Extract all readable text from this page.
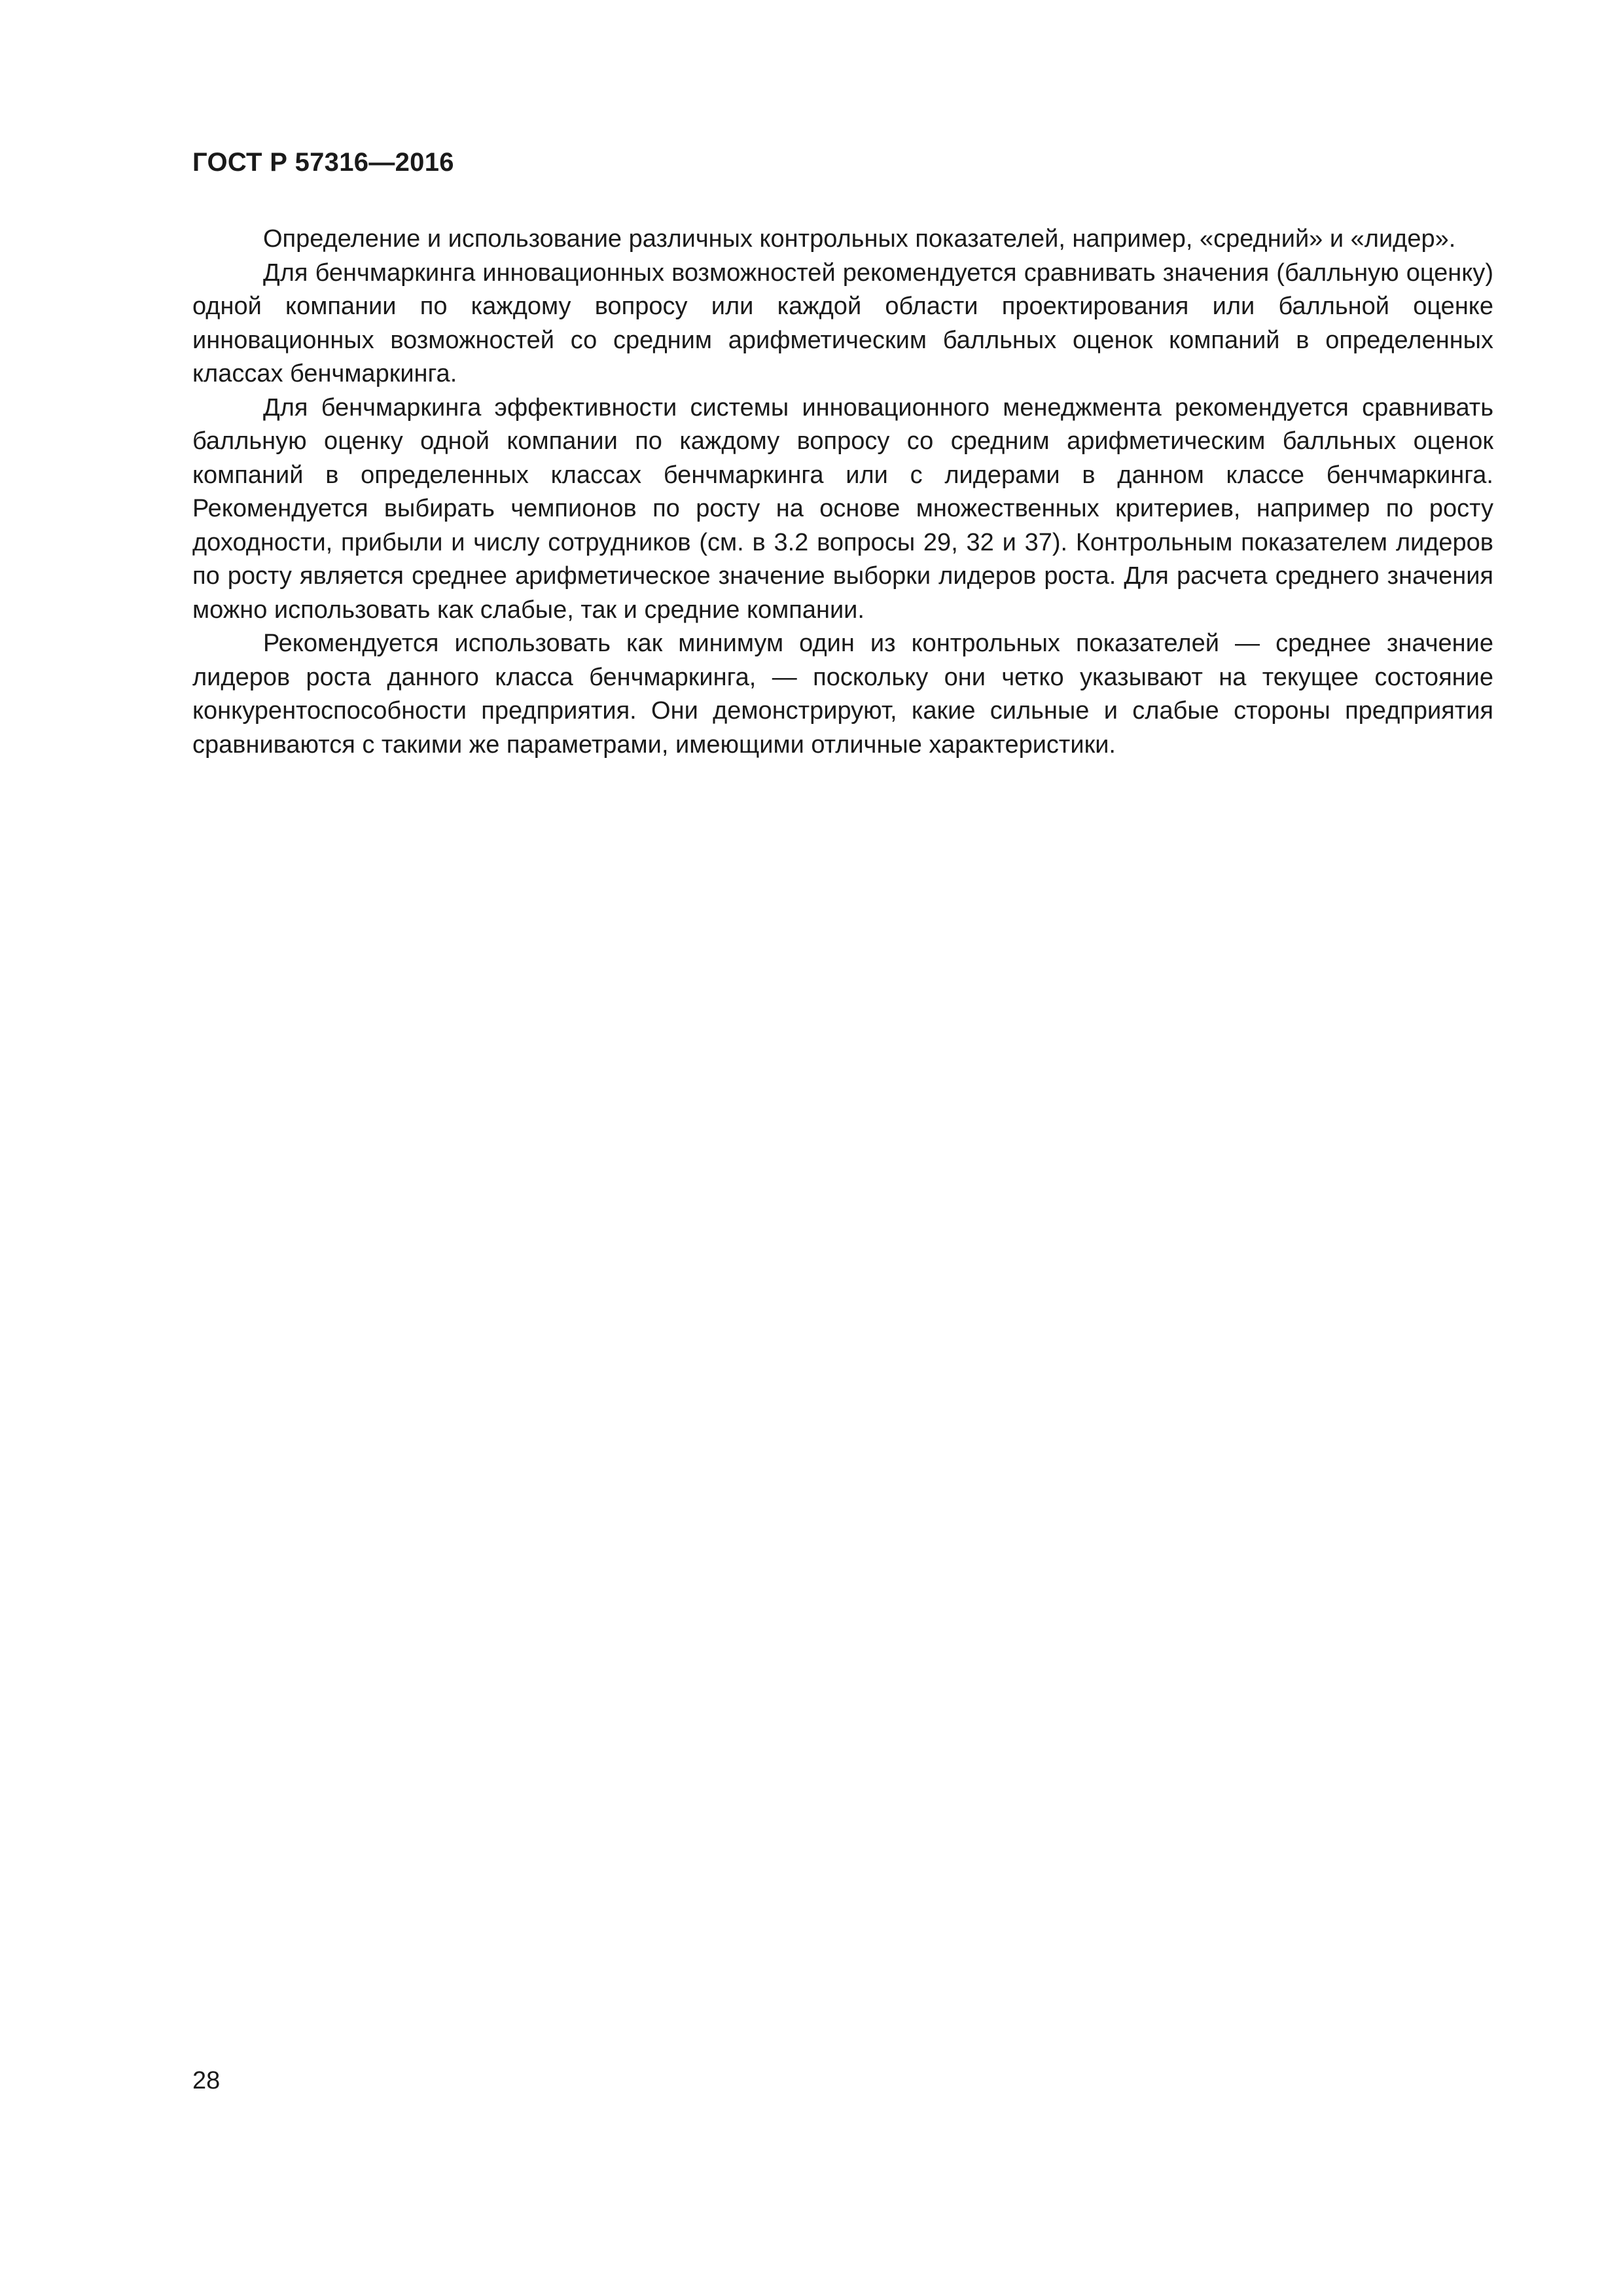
ГОСТ Р 57316—2016

Определение и использование различных контрольных показателей, например, «средний» и «лидер».

Для бенчмаркинга инновационных возможностей рекомендуется сравнивать значения (балльную оценку) одной компании по каждому вопросу или каждой области проектирования или балльной оценке инновационных возможностей со средним арифметическим балльных оценок компаний в определенных классах бенчмаркинга.

Для бенчмаркинга эффективности системы инновационного менеджмента рекомендуется сравнивать балльную оценку одной компании по каждому вопросу со средним арифметическим балльных оценок компаний в определенных классах бенчмаркинга или с лидерами в данном классе бенчмаркинга. Рекомендуется выбирать чемпионов по росту на основе множественных критериев, например по росту доходности, прибыли и числу сотрудников (см. в 3.2 вопросы 29, 32 и 37). Контрольным показателем лидеров по росту является среднее арифметическое значение выборки лидеров роста. Для расчета среднего значения можно использовать как слабые, так и средние компании.

Рекомендуется использовать как минимум один из контрольных показателей — среднее значение лидеров роста данного класса бенчмаркинга, — поскольку они четко указывают на текущее состояние конкурентоспособности предприятия. Они демонстрируют, какие сильные и слабые стороны предприятия сравниваются с такими же параметрами, имеющими отличные характеристики.

28
